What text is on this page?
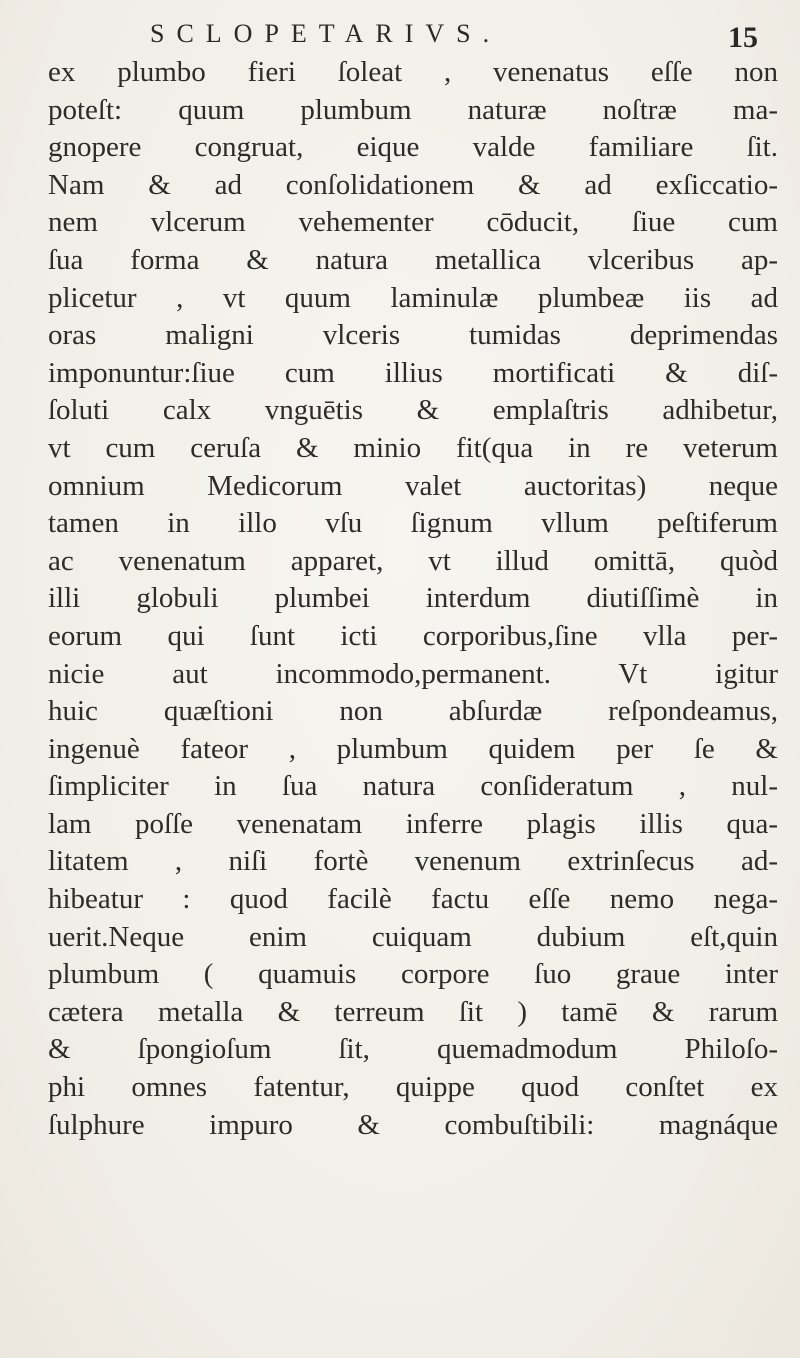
SCLOPETARIVS.	15
ex plumbo fieri ſoleat , venenatus eſſe non
poteſt: quum plumbum naturæ noſtræ ma-
gnopere congruat, eique valde familiare ſit.
Nam & ad conſolidationem & ad exſiccatio-
nem vlcerum vehementer cōducit, ſiue cum
ſua forma & natura metallica vlceribus ap-
plicetur , vt quum laminulæ plumbeæ iis ad
oras maligni vlceris tumidas deprimendas
imponuntur:ſiue cum illius mortificati & diſ-
ſoluti calx vnguētis & emplaſtris adhibetur,
vt cum ceruſa & minio fit(qua in re veterum
omnium Medicorum valet auctoritas) neque
tamen in illo vſu ſignum vllum peſtiferum
ac venenatum apparet, vt illud omittā, quòd
illi globuli plumbei interdum diutiſſimè in
eorum qui ſunt icti corporibus,ſine vlla per-
nicie aut incommodo,permanent. Vt igitur
huic quæſtioni non abſurdæ reſpondeamus,
ingenuè fateor , plumbum quidem per ſe &
ſimpliciter in ſua natura conſideratum , nul-
lam poſſe venenatam inferre plagis illis qua-
litatem , niſi fortè venenum extrinſecus ad-
hibeatur : quod facilè factu eſſe nemo nega-
uerit.Neque enim cuiquam dubium eſt,quin
plumbum ( quamuis corpore ſuo graue inter
cætera metalla & terreum ſit ) tamē & rarum
& ſpongioſum ſit, quemadmodum Philoſo-
phi omnes fatentur, quippe quod conſtet ex
ſulphure impuro & combuſtibili: magnáque
